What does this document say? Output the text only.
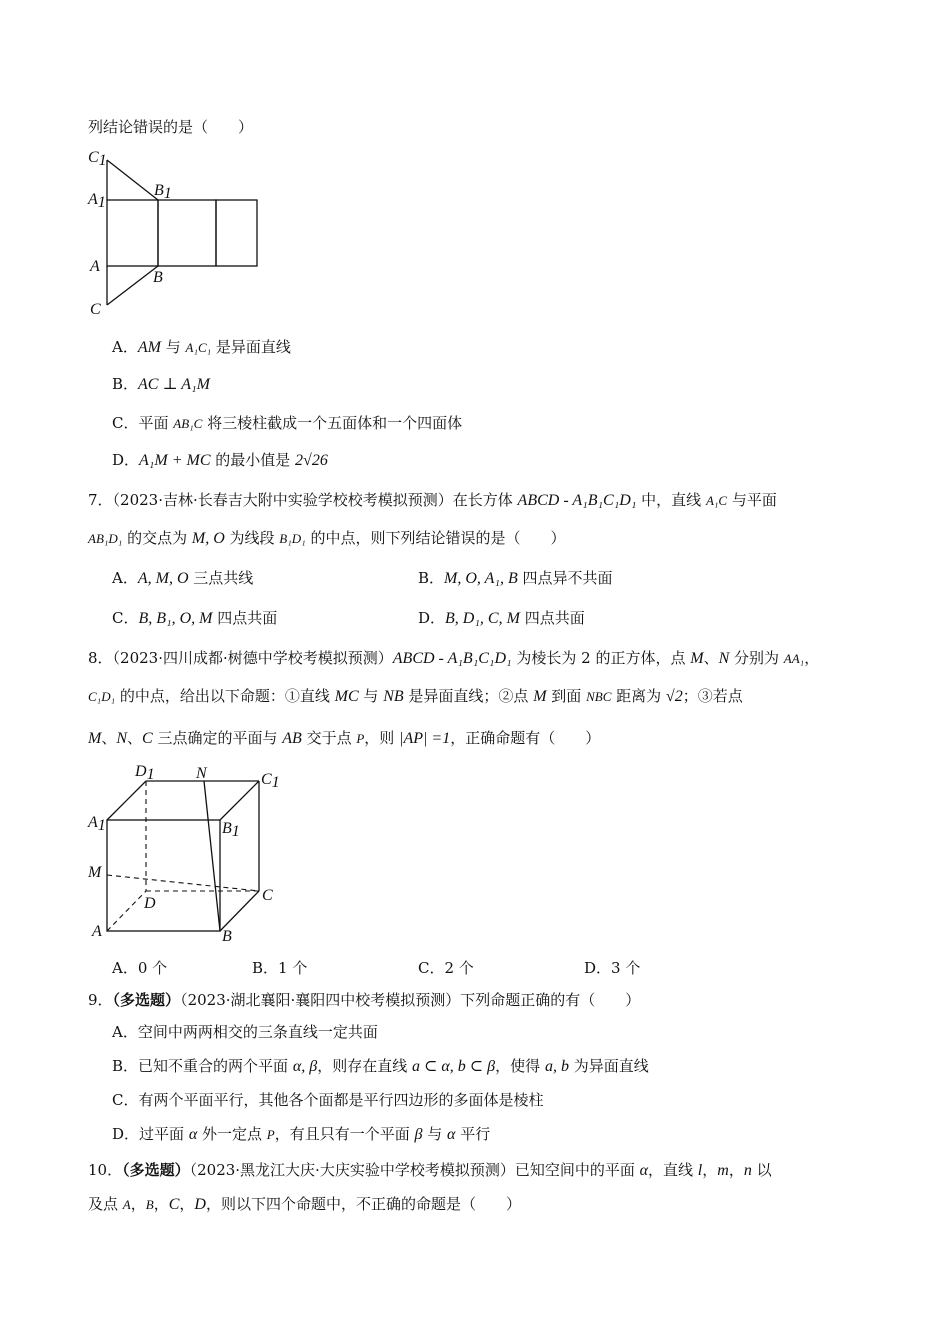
列结论错误的是（　　）
C1
A1
B1
A
B
C
A．AM 与 A₁C₁ 是异面直线
B．AC ⊥ A₁M
C．平面 AB₁C 将三棱柱截成一个五面体和一个四面体
D．A₁M + MC 的最小值是 2√26
7．（2023·吉林·长春吉大附中实验学校校考模拟预测）在长方体 ABCD - A₁B₁C₁D₁ 中，直线 A₁C 与平面
AB₁D₁ 的交点为 M, O 为线段 B₁D₁ 的中点，则下列结论错误的是（　　）
A．A, M, O 三点共线	B．M, O, A₁, B 四点异不共面
C．B, B₁, O, M 四点共面	D．B, D₁, C, M 四点共面
8．（2023·四川成都·树德中学校考模拟预测）ABCD - A₁B₁C₁D₁ 为棱长为 2 的正方体，点 M、N 分别为 AA₁，
C₁D₁ 的中点，给出以下命题：①直线 MC 与 NB 是异面直线；②点 M 到面 NBC 距离为 √2；③若点
M、N、C 三点确定的平面与 AB 交于点 P，则 |AP| =1，正确命题有（　　）
D1	N	C1
A1	B1
M
D	C
A	B
A．0 个	B．1 个	C．2 个	D．3 个
9．（多选题）（2023·湖北襄阳·襄阳四中校考模拟预测）下列命题正确的有（　　）
A．空间中两两相交的三条直线一定共面
B．已知不重合的两个平面 α, β，则存在直线 a ⊂ α, b ⊂ β，使得 a, b 为异面直线
C．有两个平面平行，其他各个面都是平行四边形的多面体是棱柱
D．过平面 α 外一定点 P，有且只有一个平面 β 与 α 平行
10．（多选题）（2023·黑龙江大庆·大庆实验中学校考模拟预测）已知空间中的平面 α，直线 l，m，n 以
及点 A，B，C，D，则以下四个命题中，不正确的命题是（　　）
